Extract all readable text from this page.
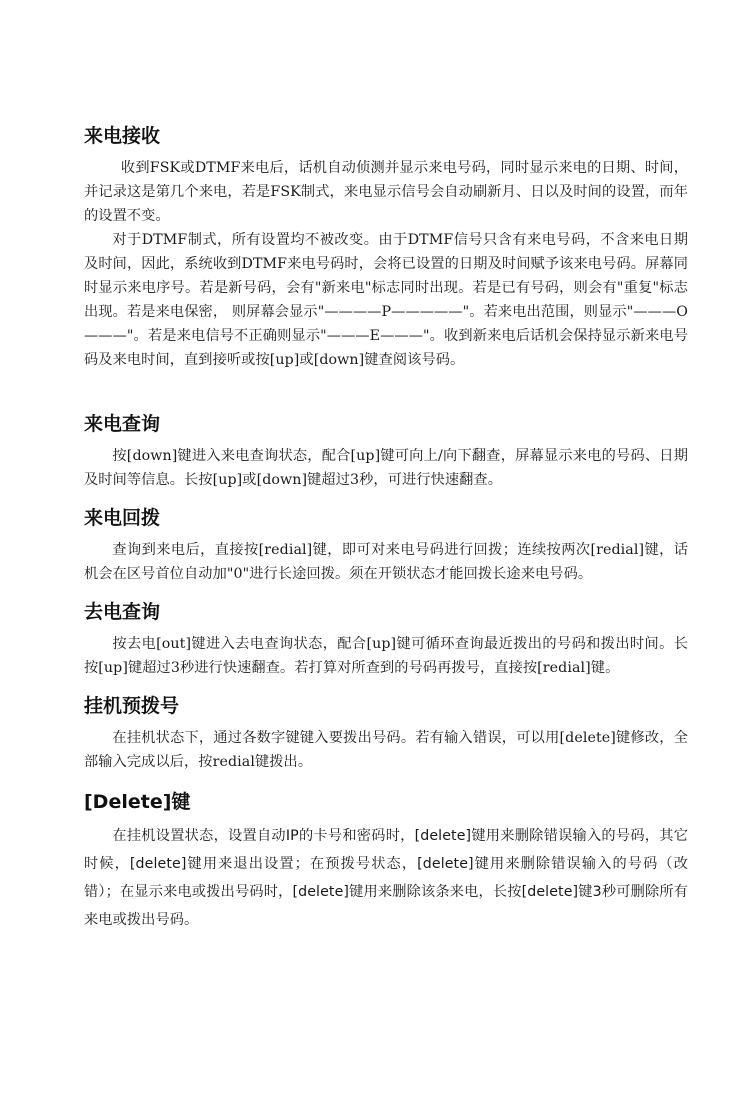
来电接收

收到FSK或DTMF来电后，话机自动侦测并显示来电号码，同时显示来电的日期、时间，并记录这是第几个来电，若是FSK制式，来电显示信号会自动刷新月、日以及时间的设置，而年的设置不变。

对于DTMF制式，所有设置均不被改变。由于DTMF信号只含有来电号码，不含来电日期及时间，因此，系统收到DTMF来电号码时，会将已设置的日期及时间赋予该来电号码。屏幕同时显示来电序号。若是新号码，会有"新来电"标志同时出现。若是已有号码，则会有"重复"标志出现。若是来电保密， 则屏幕会显示"————P—————"。若来电出范围，则显示"———O———"。若是来电信号不正确则显示"———E———"。收到新来电后话机会保持显示新来电号码及来电时间，直到接听或按[up]或[down]键查阅该号码。

来电查询

按[down]键进入来电查询状态，配合[up]键可向上/向下翻查，屏幕显示来电的号码、日期及时间等信息。长按[up]或[down]键超过3秒，可进行快速翻查。

来电回拨

查询到来电后，直接按[redial]键，即可对来电号码进行回拨；连续按两次[redial]键，话机会在区号首位自动加"0"进行长途回拨。须在开锁状态才能回拨长途来电号码。

去电查询

按去电[out]键进入去电查询状态，配合[up]键可循环查询最近拨出的号码和拨出时间。长按[up]键超过3秒进行快速翻查。若打算对所查到的号码再拨号，直接按[redial]键。

挂机预拨号

在挂机状态下，通过各数字键键入要拨出号码。若有输入错误，可以用[delete]键修改，全部输入完成以后，按redial键拨出。

[Delete]键

在挂机设置状态，设置自动IP的卡号和密码时，[delete]键用来删除错误输入的号码，其它时候，[delete]键用来退出设置；在预拨号状态，[delete]键用来删除错误输入的号码（改错）；在显示来电或拨出号码时，[delete]键用来删除该条来电，长按[delete]键3秒可删除所有来电或拨出号码。
